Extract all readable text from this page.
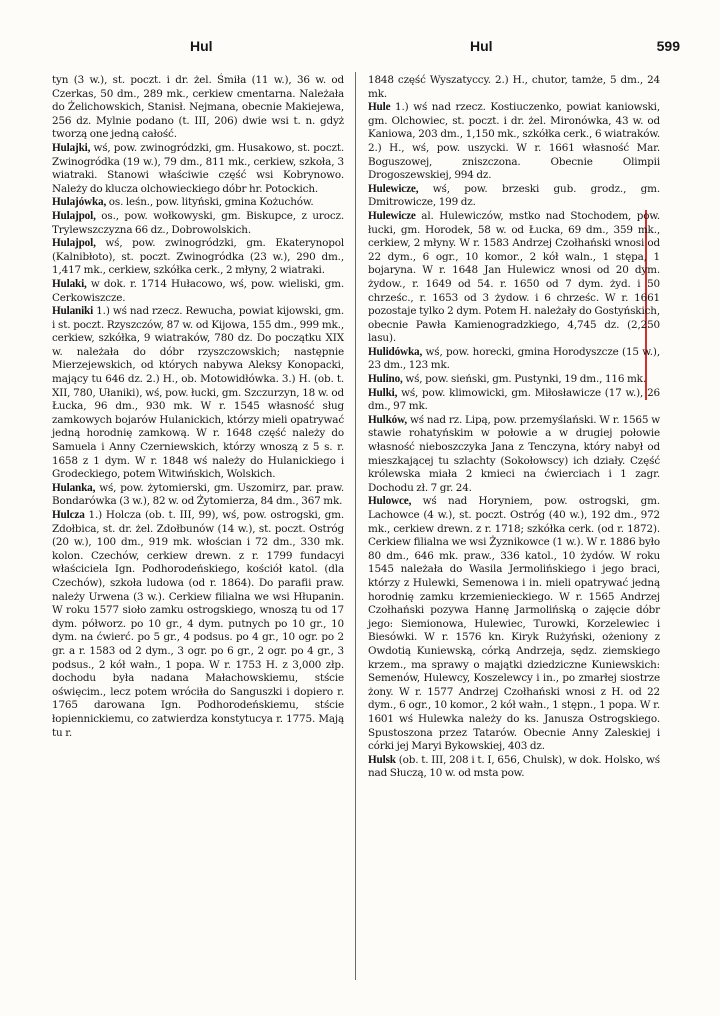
Hul	Hul	599

tyn (3 w.), st. poczt. i dr. żel. Śmiła (11 w.), 36 w. od Czerkas, 50 dm., 289 mk., cerkiew cmentarna. Należała do Żelichowskich, Stanisł. Nejmana, obecnie Makiejewa, 256 dz. Mylnie podano (t. III, 206) dwie wsi t. n. gdyż tworzą one jedną całość.

Hulajki, wś, pow. zwinogródzki, gm. Husakowo, st. poczt. Zwinogródka (19 w.), 79 dm., 811 mk., cerkiew, szkoła, 3 wiatraki. Stanowi właściwie część wsi Kobrynowo. Należy do klucza olchowieckiego dóbr hr. Potockich.

Hulajówka, os. leśn., pow. lityński, gmina Kożuchów.

Hulajpol, os., pow. wołkowyski, gm. Biskupce, z urocz. Trylewszczyzna 66 dz., Dobrowolskich.

Hulajpol, wś, pow. zwinogródzki, gm. Ekaterynopol (Kalnibłoto), st. poczt. Zwinogródka (23 w.), 290 dm., 1,417 mk., cerkiew, szkółka cerk., 2 młyny, 2 wiatraki.

Hulaki, w dok. r. 1714 Hułacowo, wś, pow. wieliski, gm. Cerkowiszcze.

Hulaniki 1.) wś nad rzecz. Rewucha, powiat kijowski, gm. i st. poczt. Rzyszczów, 87 w. od Kijowa, 155 dm., 999 mk., cerkiew, szkółka, 9 wiatraków, 780 dz. Do początku XIX w. należała do dóbr rzyszczowskich; następnie Mierzejewskich, od których nabywa Aleksy Konopacki, mający tu 646 dz. 2.) H., ob. Motowidłówka. 3.) H. (ob. t. XII, 780, Ułaniki), wś, pow. łucki, gm. Szczurzyn, 18 w. od Łucka, 96 dm., 930 mk. W r. 1545 własność sług zamkowych bojarów Hulanickich, którzy mieli opatrywać jedną horodnię zamkową. W r. 1648 część należy do Samuela i Anny Czerniewskich, którzy wnoszą z 5 s. r. 1658 z 1 dym. W r. 1848 wś należy do Hulanickiego i Grodeckiego, potem Witwińskich, Wolskich.

Hulanka, wś, pow. żytomierski, gm. Uszomirz, par. praw. Bondarówka (3 w.), 82 w. od Żytomierza, 84 dm., 367 mk.

Hulcza 1.) Holcza (ob. t. III, 99), wś, pow. ostrogski, gm. Zdołbica, st. dr. żel. Zdołbunów (14 w.), st. poczt. Ostróg (20 w.), 100 dm., 919 mk. włościan i 72 dm., 330 mk. kolon. Czechów, cerkiew drewn. z r. 1799 fundacyi właściciela Ign. Podhorodeńskiego, kościół katol. (dla Czechów), szkoła ludowa (od r. 1864). Do parafii praw. należy Urwena (3 w.). Cerkiew filialna we wsi Hłupanin. W roku 1577 sioło zamku ostrogskiego, wnoszą tu od 17 dym. półworz. po 10 gr., 4 dym. putnych po 10 gr., 10 dym. na ćwierć. po 5 gr., 4 podsus. po 4 gr., 10 ogr. po 2 gr. a r. 1583 od 2 dym., 3 ogr. po 6 gr., 2 ogr. po 4 gr., 3 podsus., 2 kół wałn., 1 popa. W r. 1753 H. z 3,000 złp. dochodu była nadana Małachowskiemu, stście oświęcim., lecz potem wróciła do Sanguszki i dopiero r. 1765 darowana Ign. Podhorodeńskiemu, stście łopiennickiemu, co zatwierdza konstytucya r. 1775. Mają tu r.

1848 część Wyszatyccy. 2.) H., chutor, tamże, 5 dm., 24 mk.

Hule 1.) wś nad rzecz. Kostiuczenko, powiat kaniowski, gm. Olchowiec, st. poczt. i dr. żel. Mironówka, 43 w. od Kaniowa, 203 dm., 1,150 mk., szkółka cerk., 6 wiatraków. 2.) H., wś, pow. uszycki. W r. 1661 własność Mar. Boguszowej, zniszczona. Obecnie Olimpii Drogoszewskiej, 994 dz.

Hulewicze, wś, pow. brzeski gub. grodz., gm. Dmitrowicze, 199 dz.

Hulewicze al. Hulewiczów, mstko nad Stochodem, pow. łucki, gm. Horodek, 58 w. od Łucka, 69 dm., 359 mk., cerkiew, 2 młyny. W r. 1583 Andrzej Czołhański wnosi od 22 dym., 6 ogr., 10 komor., 2 kół waln., 1 stępa, 1 bojaryna. W r. 1648 Jan Hulewicz wnosi od 20 dym. żydow., r. 1649 od 54. r. 1650 od 7 dym. żyd. i 50 chrześc., r. 1653 od 3 żydow. i 6 chrześc. W r. 1661 pozostaje tylko 2 dym. Potem H. należały do Gostyńskich, obecnie Pawła Kamienogradzkiego, 4,745 dz. (2,250 lasu).

Hulidówka, wś, pow. horecki, gmina Horodyszcze (15 w.), 23 dm., 123 mk.

Hulino, wś, pow. sieński, gm. Pustynki, 19 dm., 116 mk.

Hulki, wś, pow. klimowicki, gm. Miłosławicze (17 w.), 26 dm., 97 mk.

Hulków, wś nad rz. Lipą, pow. przemyślański. W r. 1565 w stawie rohatyńskim w połowie a w drugiej połowie własność nieboszczyka Jana z Tenczyna, który nabył od mieszkającej tu szlachty (Sokołowscy) ich działy. Część królewska miała 2 kmieci na ćwierciach i 1 zagr. Dochodu zł. 7 gr. 24.

Hulowce, wś nad Horyniem, pow. ostrogski, gm. Lachowce (4 w.), st. poczt. Ostróg (40 w.), 192 dm., 972 mk., cerkiew drewn. z r. 1718; szkółka cerk. (od r. 1872). Cerkiew filialna we wsi Żyznikowce (1 w.). W r. 1886 było 80 dm., 646 mk. praw., 336 katol., 10 żydów. W roku 1545 należała do Wasila Jermolińskiego i jego braci, którzy z Hulewki, Semenowa i in. mieli opatrywać jedną horodnię zamku krzemienieckiego. W r. 1565 Andrzej Czołhański pozywa Hannę Jarmolińską o zajęcie dóbr jego: Siemionowa, Hulewiec, Turowki, Korzelewiec i Biesówki. W r. 1576 kn. Kiryk Rużyński, ożeniony z Owdotią Kuniewską, córką Andrzeja, sędz. ziemskiego krzem., ma sprawy o majątki dziedziczne Kuniewskich: Semenów, Hulewcy, Koszelewcy i in., po zmarłej siostrze żony. W r. 1577 Andrzej Czołhański wnosi z H. od 22 dym., 6 ogr., 10 komor., 2 kół wałn., 1 stępn., 1 popa. W r. 1601 wś Hulewka należy do ks. Janusza Ostrogskiego. Spustoszona przez Tatarów. Obecnie Anny Zaleskiej i córki jej Maryi Bykowskiej, 403 dz.

Hulsk (ob. t. III, 208 i t. I, 656, Chulsk), w dok. Holsko, wś nad Słuczą, 10 w. od msta pow.
